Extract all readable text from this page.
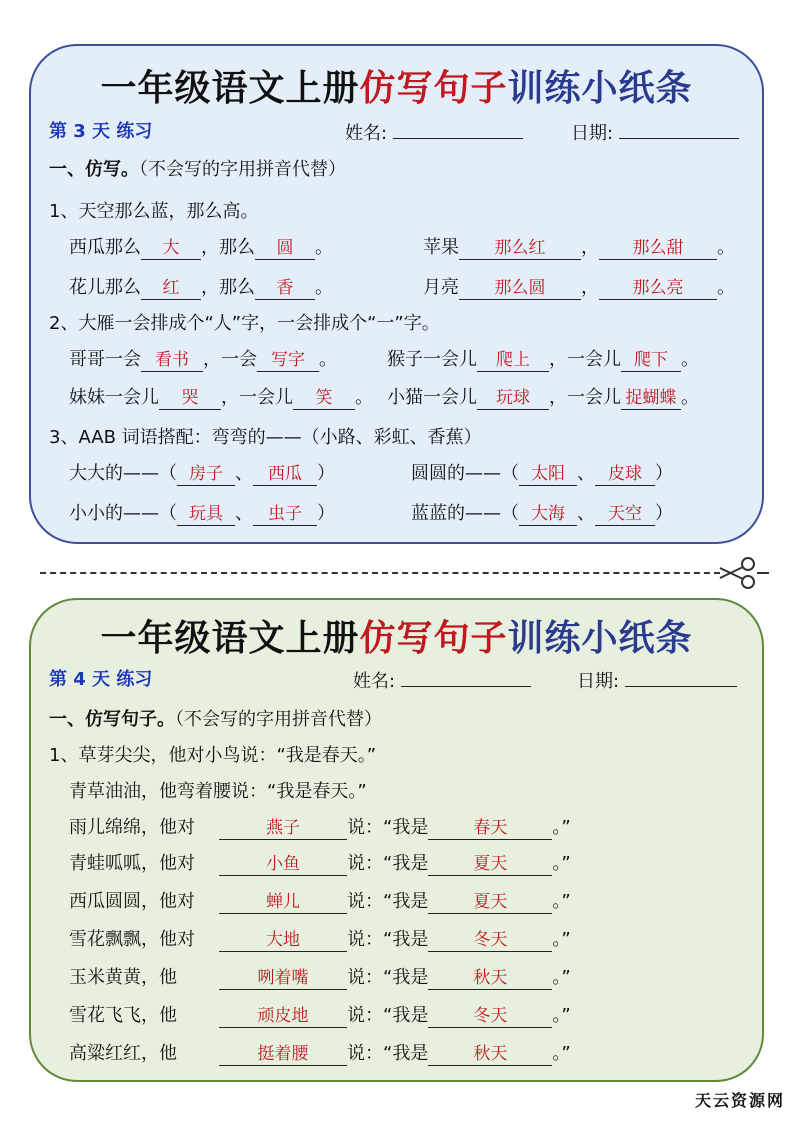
一年级语文上册仿写句子训练小纸条
第 3 天 练习	姓名:	日期:
一、仿写。（不会写的字用拼音代替）
1、天空那么蓝，那么高。
西瓜那么 大 ，那么 圆 。	苹果 那么红 ， 那么甜 。
花儿那么 红 ，那么 香 。	月亮 那么圆 ， 那么亮 。
2、大雁一会排成个“人”字，一会排成个“一”字。
哥哥一会 看书 ，一会 写字 。	猴子一会儿 爬上 ，一会儿 爬下 。
妹妹一会儿 哭 ，一会儿 笑 。 小猫一会儿 玩球 ，一会儿 捉蝴蝶 。
3、AAB 词语搭配：弯弯的——（小路、彩虹、香蕉）
大大的——（ 房子 、 西瓜 ）	圆圆的——（ 太阳 、 皮球 ）
小小的——（ 玩具 、 虫子 ）	蓝蓝的——（ 大海 、 天空 ）
一年级语文上册仿写句子训练小纸条
第 4 天 练习	姓名:	日期:
一、仿写句子。（不会写的字用拼音代替）
1、草芽尖尖，他对小鸟说：“我是春天。”
青草油油，他弯着腰说：“我是春天。”
雨儿绵绵，他对	燕子	说：“我是	春天	。”
青蛙呱呱，他对	小鱼	说：“我是	夏天	。”
西瓜圆圆，他对	蝉儿	说：“我是	夏天	。”
雪花飘飘，他对	大地	说：“我是	冬天	。”
玉米黄黄，他	咧着嘴 说：“我是	秋天	。”
雪花飞飞，他	顽皮地 说：“我是	冬天	。”
高粱红红，他	挺着腰 说：“我是	秋天	。”
天云资源网
